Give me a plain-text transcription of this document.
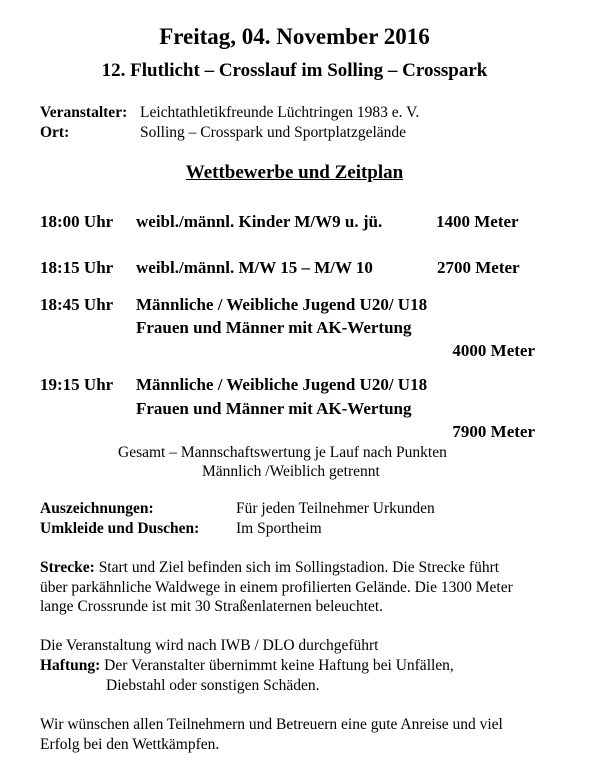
Freitag, 04. November 2016
12. Flutlicht – Crosslauf im Solling – Crosspark
Veranstalter: Leichtathletikfreunde Lüchtringen 1983 e. V.
Ort:	Solling – Crosspark und Sportplatzgelände
Wettbewerbe und Zeitplan
18:00 Uhr weibl./männl. Kinder M/W9 u. jü.	1400 Meter
18:15 Uhr weibl./männl. M/W 15 – M/W 10	2700 Meter
18:45 Uhr Männliche / Weibliche Jugend U20/ U18
Frauen und Männer mit AK-Wertung
4000 Meter
19:15 Uhr Männliche / Weibliche Jugend U20/ U18
Frauen und Männer mit AK-Wertung
7900 Meter
Gesamt – Mannschaftswertung je Lauf nach Punkten
Männlich /Weiblich getrennt
Auszeichnungen:	Für jeden Teilnehmer Urkunden
Umkleide und Duschen: Im Sportheim
Strecke: Start und Ziel befinden sich im Sollingstadion. Die Strecke führt
über parkähnliche Waldwege in einem profilierten Gelände. Die 1300 Meter
lange Crossrunde ist mit 30 Straßenlaternen beleuchtet.
Die Veranstaltung wird nach IWB / DLO durchgeführt
Haftung: Der Veranstalter übernimmt keine Haftung bei Unfällen,
Diebstahl oder sonstigen Schäden.
Wir wünschen allen Teilnehmern und Betreuern eine gute Anreise und viel
Erfolg bei den Wettkämpfen.
